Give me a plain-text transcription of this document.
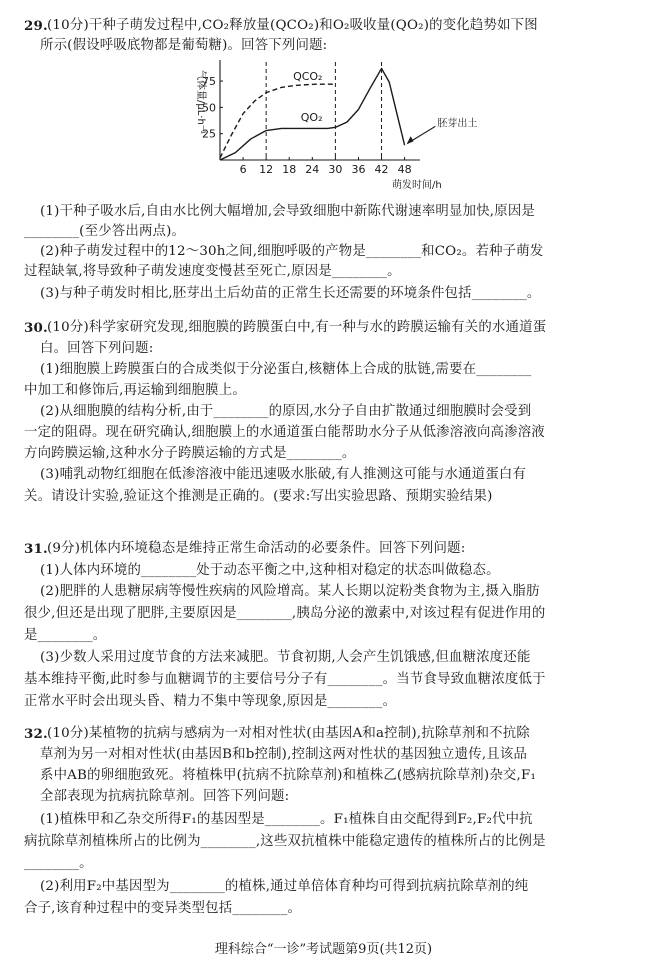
29. (10分)干种子萌发过程中,CO₂释放量(QCO₂)和O₂吸收量(QO₂)的变化趋势如下图
所示(假设呼吸底物都是葡萄糖)。回答下列问题:
气体量/μL·h⁻¹
萌发时间/h
6 12 18 24 30 36 42 48
25
50
75	QCO₂
QO₂	胚芽出土
(1)干种子吸水后,自由水比例大幅增加,会导致细胞中新陈代谢速率明显加快,原因是
________(至少答出两点)。
(2)种子萌发过程中的12～30h之间,细胞呼吸的产物是________和CO₂。若种子萌发
过程缺氧,将导致种子萌发速度变慢甚至死亡,原因是________。
(3)与种子萌发时相比,胚芽出土后幼苗的正常生长还需要的环境条件包括________。
30. (10分)科学家研究发现,细胞膜的跨膜蛋白中,有一种与水的跨膜运输有关的水通道蛋
白。回答下列问题:
(1)细胞膜上跨膜蛋白的合成类似于分泌蛋白,核糖体上合成的肽链,需要在________
中加工和修饰后,再运输到细胞膜上。
(2)从细胞膜的结构分析,由于________的原因,水分子自由扩散通过细胞膜时会受到
一定的阻碍。现在研究确认,细胞膜上的水通道蛋白能帮助水分子从低渗溶液向高渗溶液
方向跨膜运输,这种水分子跨膜运输的方式是________。
(3)哺乳动物红细胞在低渗溶液中能迅速吸水胀破,有人推测这可能与水通道蛋白有
关。请设计实验,验证这个推测是正确的。(要求:写出实验思路、预期实验结果)
31. (9分)机体内环境稳态是维持正常生命活动的必要条件。回答下列问题:
(1)人体内环境的________处于动态平衡之中,这种相对稳定的状态叫做稳态。
(2)肥胖的人患糖尿病等慢性疾病的风险增高。某人长期以淀粉类食物为主,摄入脂肪
很少,但还是出现了肥胖,主要原因是________,胰岛分泌的激素中,对该过程有促进作用的
是________。
(3)少数人采用过度节食的方法来减肥。节食初期,人会产生饥饿感,但血糖浓度还能
基本维持平衡,此时参与血糖调节的主要信号分子有________。当节食导致血糖浓度低于
正常水平时会出现头昏、精力不集中等现象,原因是________。
32. (10分)某植物的抗病与感病为一对相对性状(由基因A和a控制),抗除草剂和不抗除
草剂为另一对相对性状(由基因B和b控制),控制这两对性状的基因独立遗传,且该品
系中AB的卵细胞致死。将植株甲(抗病不抗除草剂)和植株乙(感病抗除草剂)杂交,F₁
全部表现为抗病抗除草剂。回答下列问题:
(1)植株甲和乙杂交所得F₁的基因型是________。F₁植株自由交配得到F₂,F₂代中抗
病抗除草剂植株所占的比例为________,这些双抗植株中能稳定遗传的植株所占的比例是
________。
(2)利用F₂中基因型为________的植株,通过单倍体育种均可得到抗病抗除草剂的纯
合子,该育种过程中的变异类型包括________。
理科综合“一诊”考试题第9页(共12页)
